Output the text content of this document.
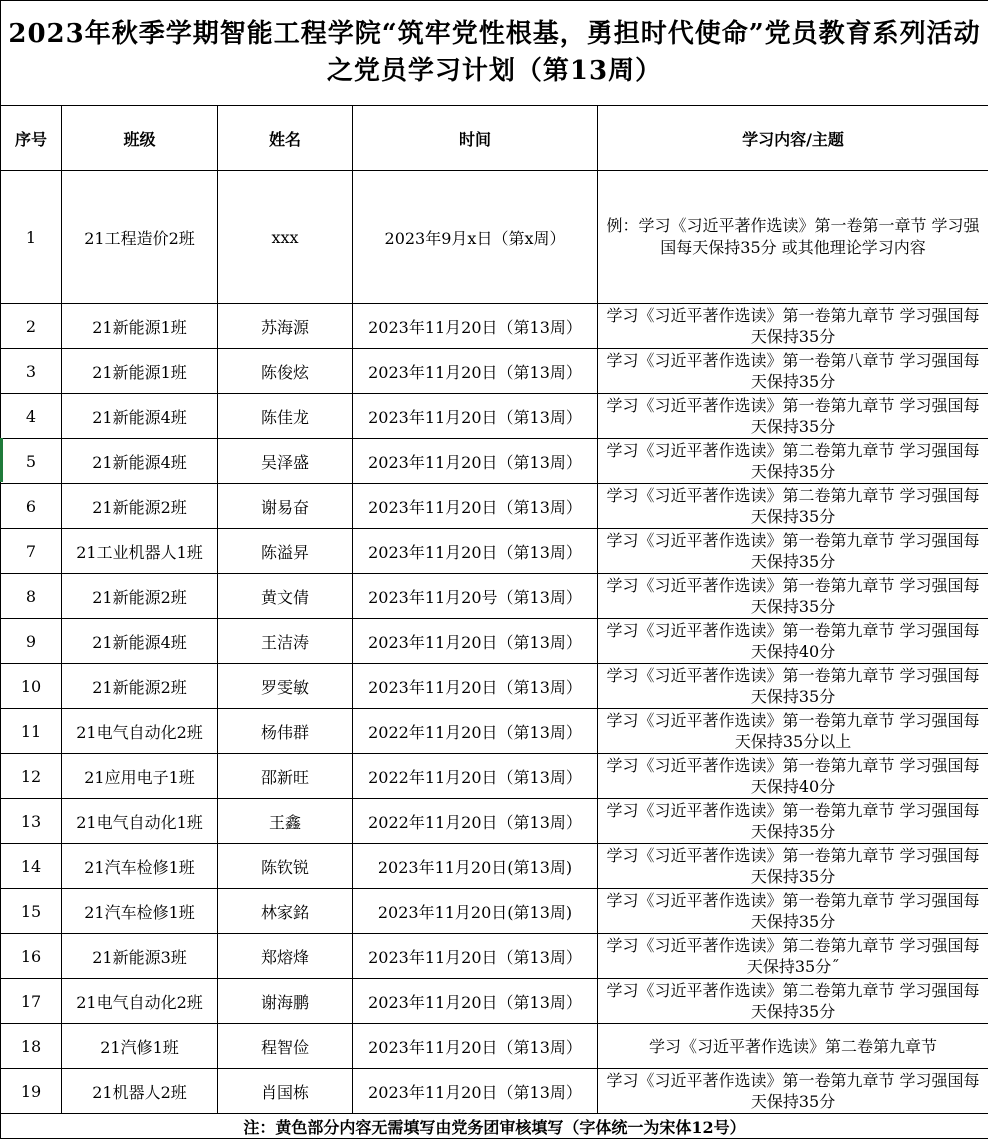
2023年秋季学期智能工程学院“筑牢党性根基，勇担时代使命”党员教育系列活动之党员学习计划（第13周）				
序号	班级	姓名	时间	学习内容/主题
1	21工程造价2班	xxx	2023年9月x日（第x周）	例：学习《习近平著作选读》第一卷第一章节 学习强国每天保持35分 或其他理论学习内容

2	21新能源1班	苏海源	2023年11月20日（第13周）	学习《习近平著作选读》第一卷第九章节 学习强国每天保持35分

3	21新能源1班	陈俊炫	2023年11月20日（第13周）	学习《习近平著作选读》第一卷第八章节 学习强国每天保持35分

4	21新能源4班	陈佳龙	2023年11月20日（第13周）	学习《习近平著作选读》第一卷第九章节 学习强国每天保持35分

5	21新能源4班	吴泽盛	2023年11月20日（第13周）	学习《习近平著作选读》第二卷第九章节 学习强国每天保持35分

6	21新能源2班	谢易奋	2023年11月20日（第13周）	学习《习近平著作选读》第二卷第九章节 学习强国每天保持35分

7	21工业机器人1班	陈溢昇	2023年11月20日（第13周）	学习《习近平著作选读》第一卷第九章节 学习强国每天保持35分

8	21新能源2班	黄文倩	2023年11月20号（第13周）	学习《习近平著作选读》第一卷第九章节 学习强国每天保持35分

9	21新能源4班	王洁涛	2023年11月20日（第13周）	学习《习近平著作选读》第一卷第九章节 学习强国每天保持40分

10	21新能源2班	罗雯敏	2023年11月20日（第13周）	学习《习近平著作选读》第一卷第九章节 学习强国每天保持35分

11	21电气自动化2班	杨伟群	2022年11月20日（第13周）	学习《习近平著作选读》第一卷第九章节 学习强国每天保持35分以上

12	21应用电子1班	邵新旺	2022年11月20日（第13周）	学习《习近平著作选读》第一卷第九章节 学习强国每天保持40分

13	21电气自动化1班	王鑫	2022年11月20日（第13周）	学习《习近平著作选读》第一卷第九章节 学习强国每天保持35分

14	21汽车检修1班	陈钦锐	2023年11月20日(第13周)	学习《习近平著作选读》第一卷第九章节 学习强国每天保持35分

15	21汽车检修1班	林家銘	2023年11月20日(第13周)	学习《习近平著作选读》第一卷第九章节 学习强国每天保持35分

16	21新能源3班	郑熔烽	2023年11月20日（第13周）	学习《习近平著作选读》第二卷第九章节 学习强国每天保持35分˝

17	21电气自动化2班	谢海鹏	2023年11月20日（第13周）	学习《习近平著作选读》第二卷第九章节 学习强国每天保持35分

18	21汽修1班	程智俭	2023年11月20日（第13周）	学习《习近平著作选读》第二卷第九章节

19	21机器人2班	肖国栋	2023年11月20日（第13周）	学习《习近平著作选读》第一卷第九章节 学习强国每天保持35分

注：黄色部分内容无需填写由党务团审核填写（字体统一为宋体12号）				
